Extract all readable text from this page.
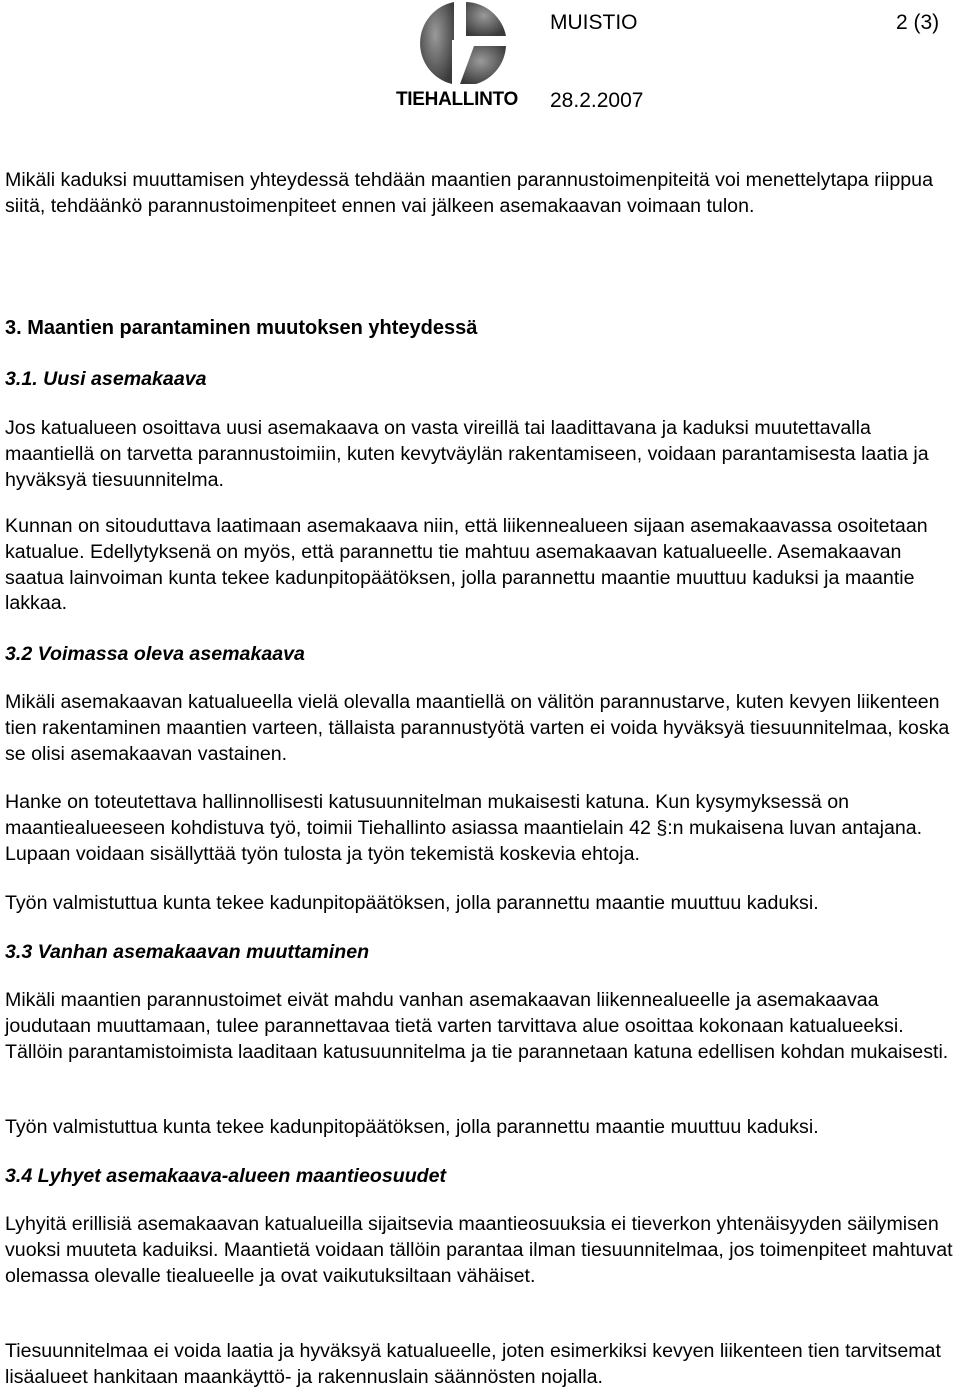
TIEHALLINTO
MUISTIO	2 (3)
28.2.2007

Mikäli kaduksi muuttamisen yhteydessä tehdään maantien parannustoimenpiteitä voi menettelytapa riippua siitä, tehdäänkö parannustoimenpiteet ennen vai jälkeen asemakaavan voimaan tulon.

3. Maantien parantaminen muutoksen yhteydessä
3.1. Uusi asemakaava

Jos katualueen osoittava uusi asemakaava on vasta vireillä tai laadittavana ja kaduksi muutettavalla maantiellä on tarvetta parannustoimiin, kuten kevytväylän rakentamiseen, voidaan parantamisesta laatia ja hyväksyä tiesuunnitelma.

Kunnan on sitouduttava laatimaan asemakaava niin, että liikennealueen sijaan asemakaavassa osoitetaan katualue. Edellytyksenä on myös, että parannettu tie mahtuu asemakaavan katualueelle. Asemakaavan saatua lainvoiman kunta tekee kadunpitopäätöksen, jolla parannettu maantie muuttuu kaduksi ja maantie lakkaa.

3.2 Voimassa oleva asemakaava

Mikäli asemakaavan katualueella vielä olevalla maantiellä on välitön parannustarve, kuten kevyen liikenteen tien rakentaminen maantien varteen, tällaista parannustyötä varten ei voida hyväksyä tiesuunnitelmaa, koska se olisi asemakaavan vastainen.

Hanke on toteutettava hallinnollisesti katusuunnitelman mukaisesti katuna. Kun kysymyksessä on maantiealueeseen kohdistuva työ, toimii Tiehallinto asiassa maantielain 42 §:n mukaisena luvan antajana. Lupaan voidaan sisällyttää työn tulosta ja työn tekemistä koskevia ehtoja.

Työn valmistuttua kunta tekee kadunpitopäätöksen, jolla parannettu maantie muuttuu kaduksi.

3.3 Vanhan asemakaavan muuttaminen

Mikäli maantien parannustoimet eivät mahdu vanhan asemakaavan liikennealueelle ja asemakaavaa joudutaan muuttamaan, tulee parannettavaa tietä varten tarvittava alue osoittaa kokonaan katualueeksi. Tällöin parantamistoimista laaditaan katusuunnitelma ja tie parannetaan katuna edellisen kohdan mukaisesti.

Työn valmistuttua kunta tekee kadunpitopäätöksen, jolla parannettu maantie muuttuu kaduksi.

3.4 Lyhyet asemakaava-alueen maantieosuudet

Lyhyitä erillisiä asemakaavan katualueilla sijaitsevia maantieosuuksia ei tieverkon yhtenäisyyden säilymisen vuoksi muuteta kaduiksi. Maantietä voidaan tällöin parantaa ilman tiesuunnitelmaa, jos toimenpiteet mahtuvat olemassa olevalle tiealueelle ja ovat vaikutuksiltaan vähäiset.

Tiesuunnitelmaa ei voida laatia ja hyväksyä katualueelle, joten esimerkiksi kevyen liikenteen tien tarvitsemat lisäalueet hankitaan maankäyttö- ja rakennuslain säännösten nojalla.
